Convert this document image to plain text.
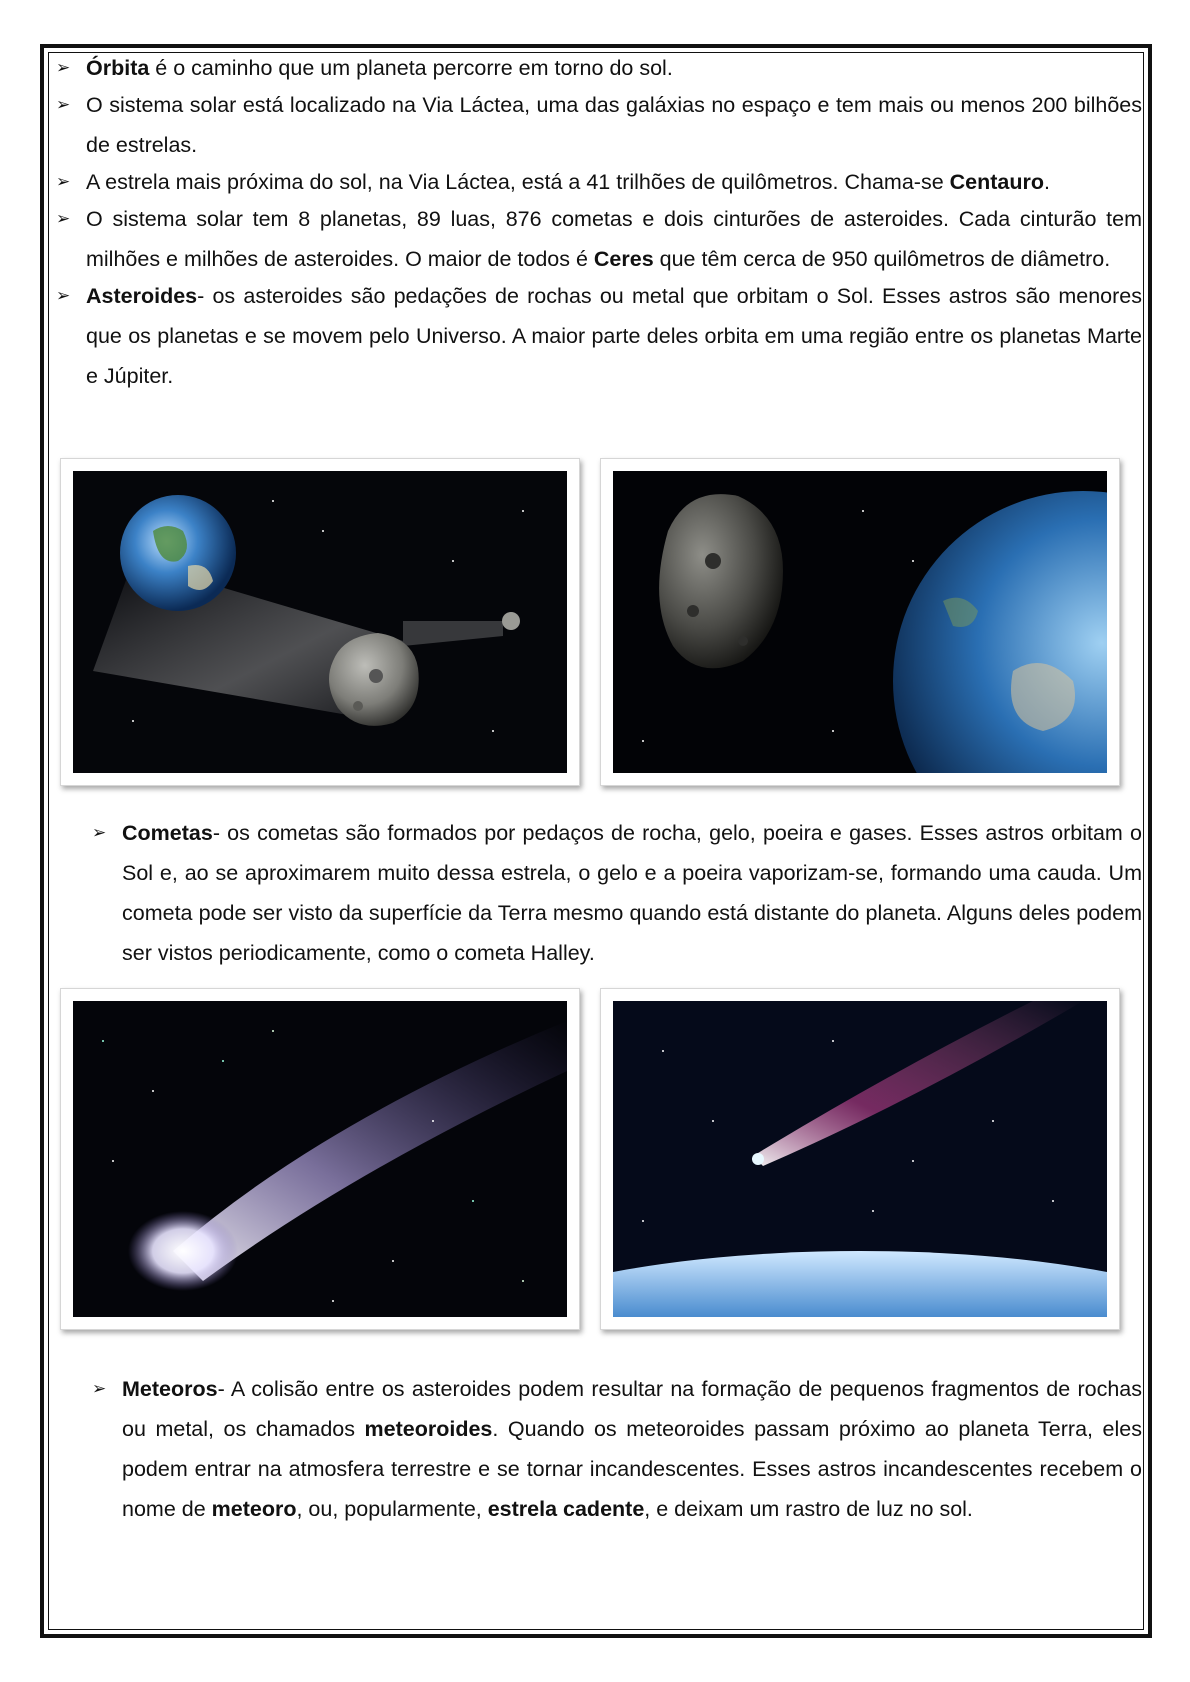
➢ Órbita é o caminho que um planeta percorre em torno do sol.

➢ O sistema solar está localizado na Via Láctea, uma das galáxias no espaço e tem mais ou menos 200 bilhões de estrelas.

➢ A estrela mais próxima do sol, na Via Láctea, está a 41 trilhões de quilômetros. Chama-se Centauro.

➢ O sistema solar tem 8 planetas, 89 luas, 876 cometas e dois cinturões de asteroides. Cada cinturão tem milhões e milhões de asteroides. O maior de todos é Ceres que têm cerca de 950 quilômetros de diâmetro.

➢ Asteroides- os asteroides são pedações de rochas ou metal que orbitam o Sol. Esses astros são menores que os planetas e se movem pelo Universo. A maior parte deles orbita em uma região entre os planetas Marte e Júpiter.

➢ Cometas- os cometas são formados por pedaços de rocha, gelo, poeira e gases. Esses astros orbitam o Sol e, ao se aproximarem muito dessa estrela, o gelo e a poeira vaporizam-se, formando uma cauda. Um cometa pode ser visto da superfície da Terra mesmo quando está distante do planeta. Alguns deles podem ser vistos periodicamente, como o cometa Halley.

➢ Meteoros- A colisão entre os asteroides podem resultar na formação de pequenos fragmentos de rochas ou metal, os chamados meteoroides. Quando os meteoroides passam próximo ao planeta Terra, eles podem entrar na atmosfera terrestre e se tornar incandescentes. Esses astros incandescentes recebem o nome de meteoro, ou, popularmente, estrela cadente, e deixam um rastro de luz no sol.
